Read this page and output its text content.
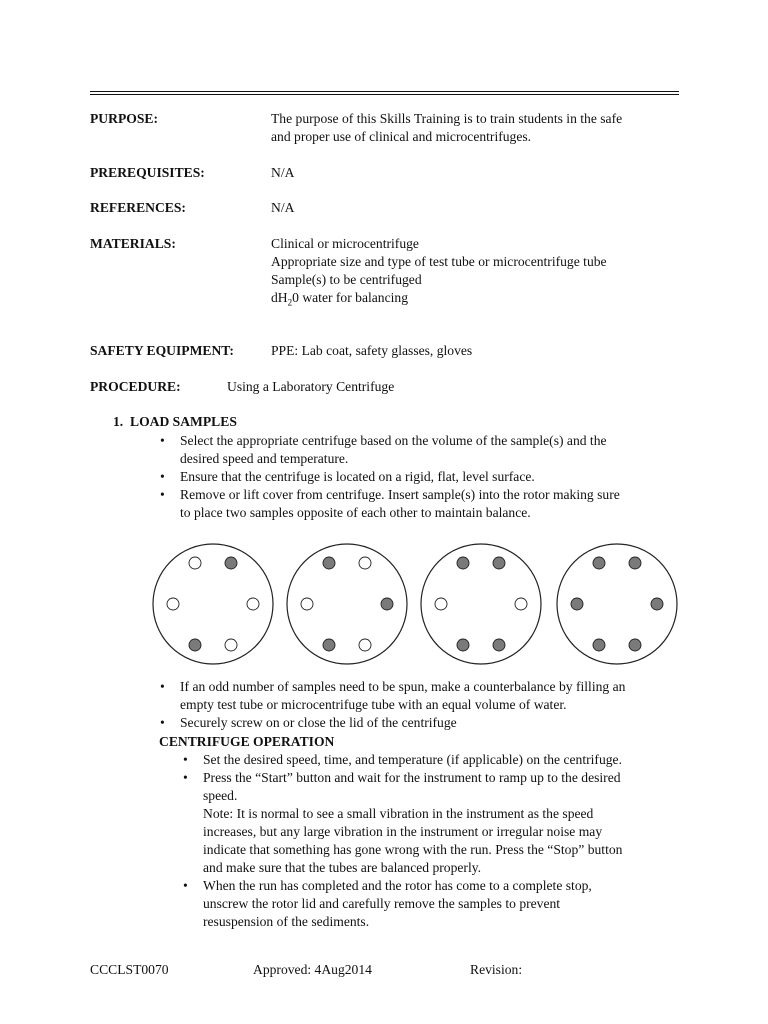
PURPOSE:	The purpose of this Skills Training is to train students in the safe
and proper use of clinical and microcentrifuges.
PREREQUISITES:	N/A
REFERENCES:	N/A
MATERIALS:	Clinical or microcentrifuge
Appropriate size and type of test tube or microcentrifuge tube
Sample(s) to be centrifuged
$dH_20$ water for balancing
SAFETY EQUIPMENT:	PPE: Lab coat, safety glasses, gloves
PROCEDURE:	Using a Laboratory Centrifuge
1. LOAD SAMPLES
• Select the appropriate centrifuge based on the volume of the sample(s) and the
desired speed and temperature.
• Ensure that the centrifuge is located on a rigid, flat, level surface.
• Remove or lift cover from centrifuge. Insert sample(s) into the rotor making sure
to place two samples opposite of each other to maintain balance.
• If an odd number of samples need to be spun, make a counterbalance by filling an
empty test tube or microcentrifuge tube with an equal volume of water.
• Securely screw on or close the lid of the centrifuge
CENTRIFUGE OPERATION
• Set the desired speed, time, and temperature (if applicable) on the centrifuge.
• Press the “Start” button and wait for the instrument to ramp up to the desired
speed.
Note: It is normal to see a small vibration in the instrument as the speed
increases, but any large vibration in the instrument or irregular noise may
indicate that something has gone wrong with the run. Press the “Stop” button
and make sure that the tubes are balanced properly.
• When the run has completed and the rotor has come to a complete stop,
unscrew the rotor lid and carefully remove the samples to prevent
resuspension of the sediments.
CCCLST0070	Approved: 4Aug2014	Revision:
